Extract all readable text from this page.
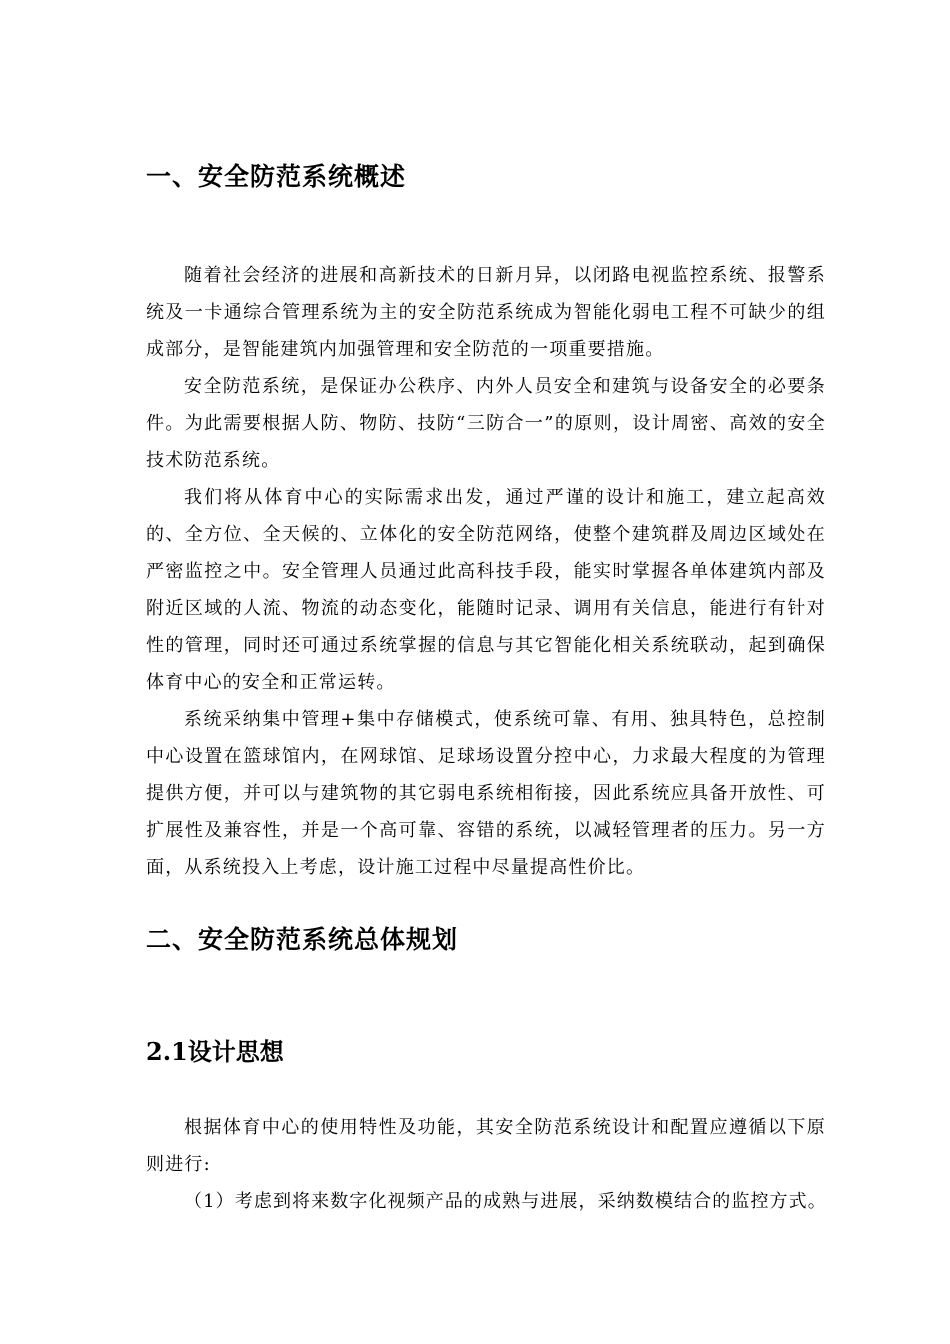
一、安全防范系统概述
随着社会经济的进展和高新技术的日新月异，以闭路电视监控系统、报警系统及一卡通综合管理系统为主的安全防范系统成为智能化弱电工程不可缺少的组成部分，是智能建筑内加强管理和安全防范的一项重要措施。
安全防范系统，是保证办公秩序、内外人员安全和建筑与设备安全的必要条件。为此需要根据人防、物防、技防“三防合一”的原则，设计周密、高效的安全技术防范系统。
我们将从体育中心的实际需求出发，通过严谨的设计和施工，建立起高效的、全方位、全天候的、立体化的安全防范网络，使整个建筑群及周边区域处在严密监控之中。安全管理人员通过此高科技手段，能实时掌握各单体建筑内部及附近区域的人流、物流的动态变化，能随时记录、调用有关信息，能进行有针对性的管理，同时还可通过系统掌握的信息与其它智能化相关系统联动，起到确保体育中心的安全和正常运转。
系统采纳集中管理+集中存储模式，使系统可靠、有用、独具特色，总控制中心设置在篮球馆内，在网球馆、足球场设置分控中心，力求最大程度的为管理提供方便，并可以与建筑物的其它弱电系统相衔接，因此系统应具备开放性、可扩展性及兼容性，并是一个高可靠、容错的系统，以减轻管理者的压力。另一方面，从系统投入上考虑，设计施工过程中尽量提高性价比。
二、安全防范系统总体规划
2.1设计思想
根据体育中心的使用特性及功能，其安全防范系统设计和配置应遵循以下原则进行:
（1）考虑到将来数字化视频产品的成熟与进展，采纳数模结合的监控方式。
